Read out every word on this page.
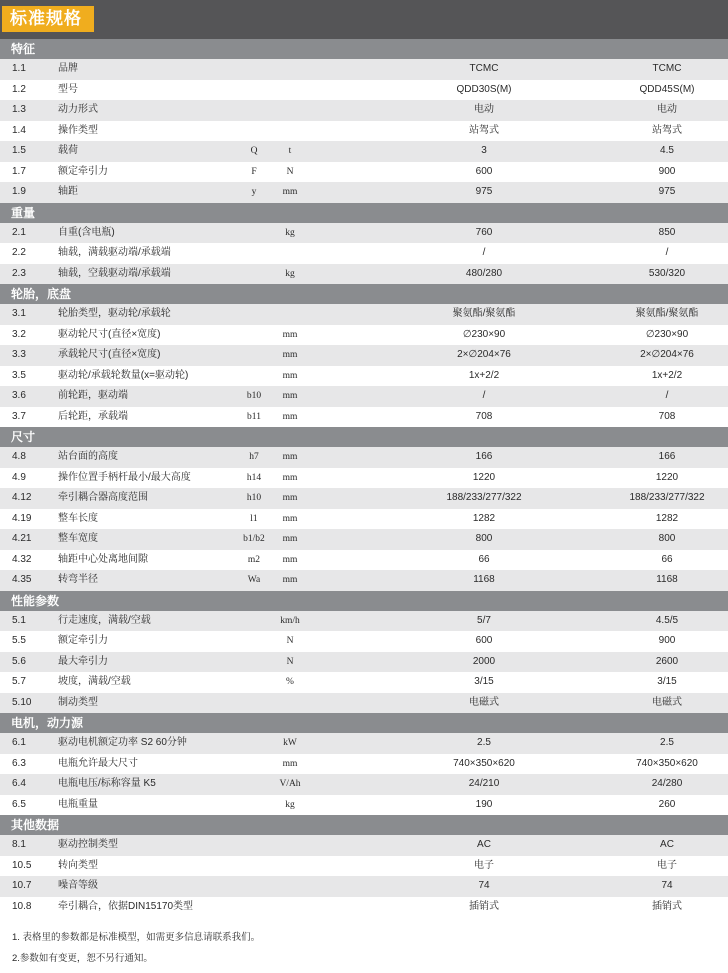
标准规格
特征
1.1	品牌	TCMC	TCMC
1.2	型号	QDD30S(M)	QDD45S(M)
1.3	动力形式	电动	电动
1.4	操作类型	站驾式	站驾式
1.5	载荷	Q	t	3	4.5
1.7	额定牵引力	F	N	600	900
1.9	轴距	y	mm	975	975
重量
2.1	自重(含电瓶)	kg	760	850
2.2	轴载，满载驱动端/承载端	/	/
2.3	轴载，空载驱动端/承载端	kg	480/280	530/320
轮胎，底盘
3.1	轮胎类型，驱动轮/承载轮	聚氨酯/聚氨酯	聚氨酯/聚氨酯
3.2	驱动轮尺寸(直径×宽度)	mm	∅230×90	∅230×90
3.3	承载轮尺寸(直径×宽度)	mm	2×∅204×76	2×∅204×76
3.5	驱动轮/承载轮数量(x=驱动轮)	mm	1x+2/2	1x+2/2
3.6	前轮距，驱动端	b10	mm	/	/
3.7	后轮距，承载端	b11	mm	708	708
尺寸
4.8	站台面的高度	h7	mm	166	166
4.9	操作位置手柄杆最小/最大高度	h14	mm	1220	1220
4.12	牵引耦合器高度范围	h10	mm	188/233/277/322	188/233/277/322
4.19	整车长度	l1	mm	1282	1282
4.21	整车宽度	b1/b2	mm	800	800
4.32	轴距中心处离地间隙	m2	mm	66	66
4.35	转弯半径	Wa	mm	1168	1168
性能参数
5.1	行走速度，满载/空载	km/h	5/7	4.5/5
5.5	额定牵引力	N	600	900
5.6	最大牵引力	N	2000	2600
5.7	坡度，满载/空载	%	3/15	3/15
5.10	制动类型	电磁式	电磁式
电机，动力源
6.1	驱动电机额定功率 S2 60分钟	kW	2.5	2.5
6.3	电瓶允许最大尺寸	mm	740×350×620	740×350×620
6.4	电瓶电压/标称容量 K5	V/Ah	24/210	24/280
6.5	电瓶重量	kg	190	260
其他数据
8.1	驱动控制类型	AC	AC
10.5	转向类型	电子	电子
10.7	噪音等级	74	74
10.8	牵引耦合，依据DIN15170类型	插销式	插销式
1. 表格里的参数都是标准模型，如需更多信息请联系我们。
2.参数如有变更，恕不另行通知。
